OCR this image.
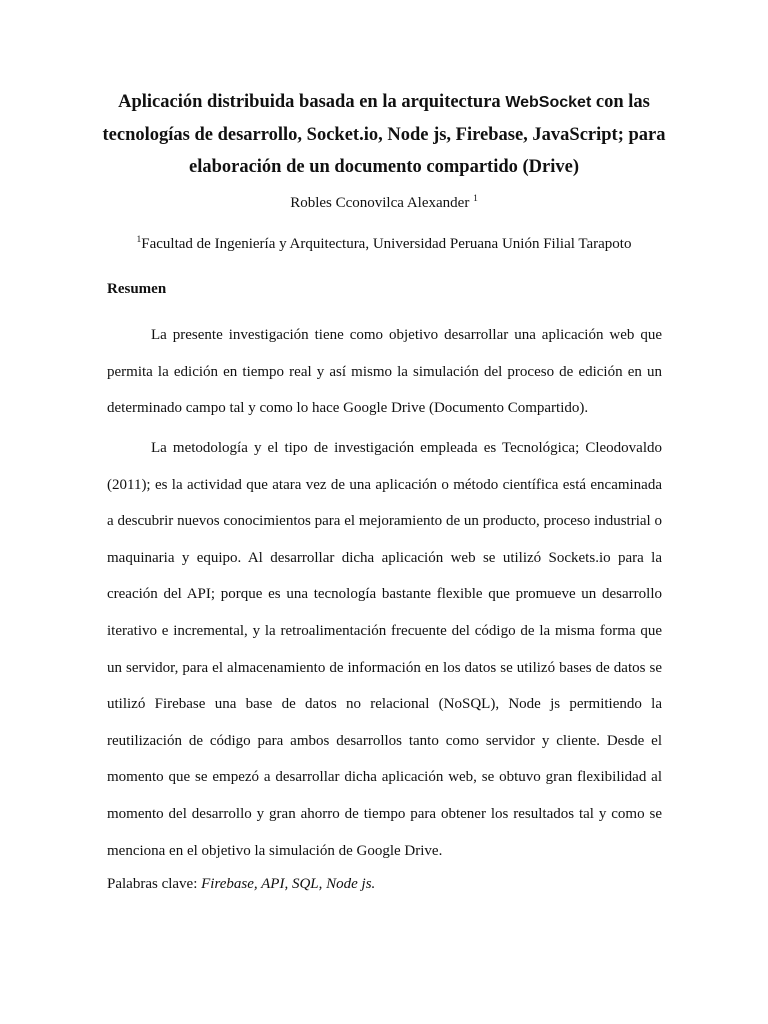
Aplicación distribuida basada en la arquitectura WebSocket con las tecnologías de desarrollo, Socket.io, Node js, Firebase, JavaScript; para elaboración de un documento compartido (Drive)
Robles Cconovilca Alexander $^1$
$^1$Facultad de Ingeniería y Arquitectura, Universidad Peruana Unión Filial Tarapoto
Resumen

La presente investigación tiene como objetivo desarrollar una aplicación web que permita la edición en tiempo real y así mismo la simulación del proceso de edición en un determinado campo tal y como lo hace Google Drive (Documento Compartido).

La metodología y el tipo de investigación empleada es Tecnológica; Cleodovaldo (2011); es la actividad que atara vez de una aplicación o método científica está encaminada a descubrir nuevos conocimientos para el mejoramiento de un producto, proceso industrial o maquinaria y equipo. Al desarrollar dicha aplicación web se utilizó Sockets.io para la creación del API; porque es una tecnología bastante flexible que promueve un desarrollo iterativo e incremental, y la retroalimentación frecuente del código de la misma forma que un servidor, para el almacenamiento de información en los datos se utilizó bases de datos se utilizó Firebase una base de datos no relacional (NoSQL), Node js permitiendo la reutilización de código para ambos desarrollos tanto como servidor y cliente. Desde el momento que se empezó a desarrollar dicha aplicación web, se obtuvo gran flexibilidad al momento del desarrollo y gran ahorro de tiempo para obtener los resultados tal y como se menciona en el objetivo la simulación de Google Drive.

Palabras clave: Firebase, API, SQL, Node js.
